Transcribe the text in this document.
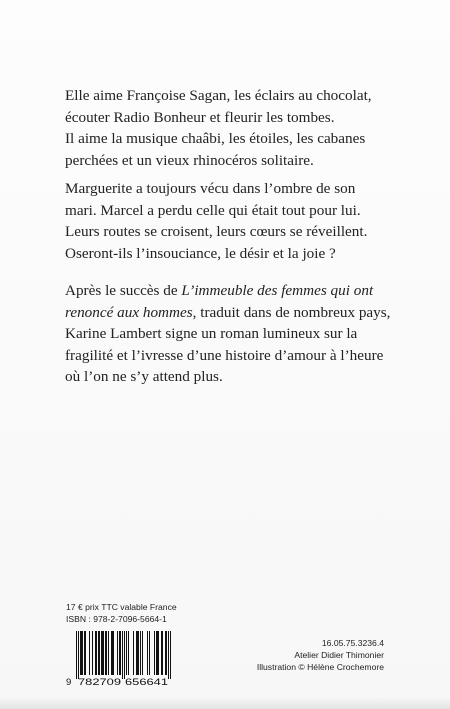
Elle aime Françoise Sagan, les éclairs au chocolat,
écouter Radio Bonheur et fleurir les tombes.
Il aime la musique chaâbi, les étoiles, les cabanes
perchées et un vieux rhinocéros solitaire.

Marguerite a toujours vécu dans l’ombre de son
mari. Marcel a perdu celle qui était tout pour lui.
Leurs routes se croisent, leurs cœurs se réveillent.
Oseront-ils l’insouciance, le désir et la joie ?

Après le succès de L’immeuble des femmes qui ont
renoncé aux hommes, traduit dans de nombreux pays,
Karine Lambert signe un roman lumineux sur la
fragilité et l’ivresse d’une histoire d’amour à l’heure
où l’on ne s’y attend plus.

17 € prix TTC valable France
ISBN : 978-2-7096-5664-1
9 782709 656641
16.05.75.3236.4
Atelier Didier Thimonier
Illustration © Hélène Crochemore
